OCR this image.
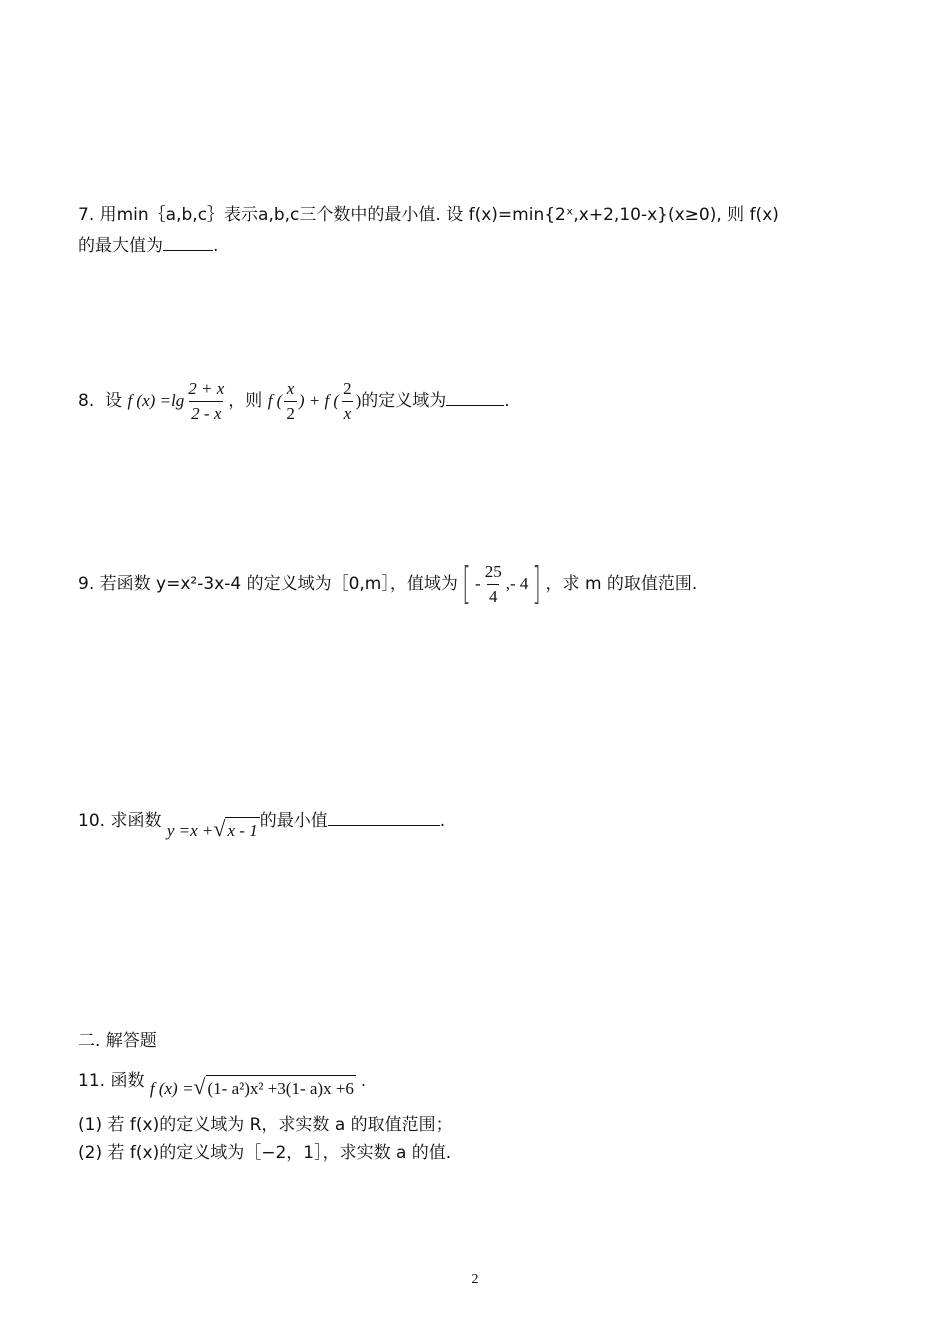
7. 用min｛a,b,c｝表示a,b,c三个数中的最小值. 设 f(x)=min{2ˣ,x+2,10-x}(x≥0), 则 f(x)
的最大值为	.
8. 设 f $(x) =\lg \frac{2 + x}{2 - x}$ ，则 f ( $\frac{x}{2}$ ) + f ( $\frac{2}{x}$ )的定义域为	.
9. 若函数 y=x²-3x-4 的定义域为［0,m］，值域为[ - $\frac{25}{4}$ ,- 4] ，求 m 的取值范围.
10. 求函数 y =x + √ x - 1 的最小值	.
二. 解答题
11. 函数 f (x) = √ (1- a²)x² +3(1- a)x +6 .
(1) 若 f(x)的定义域为 R，求实数 a 的取值范围；
(2) 若 f(x)的定义域为［−2，1］，求实数 a 的值.
2
